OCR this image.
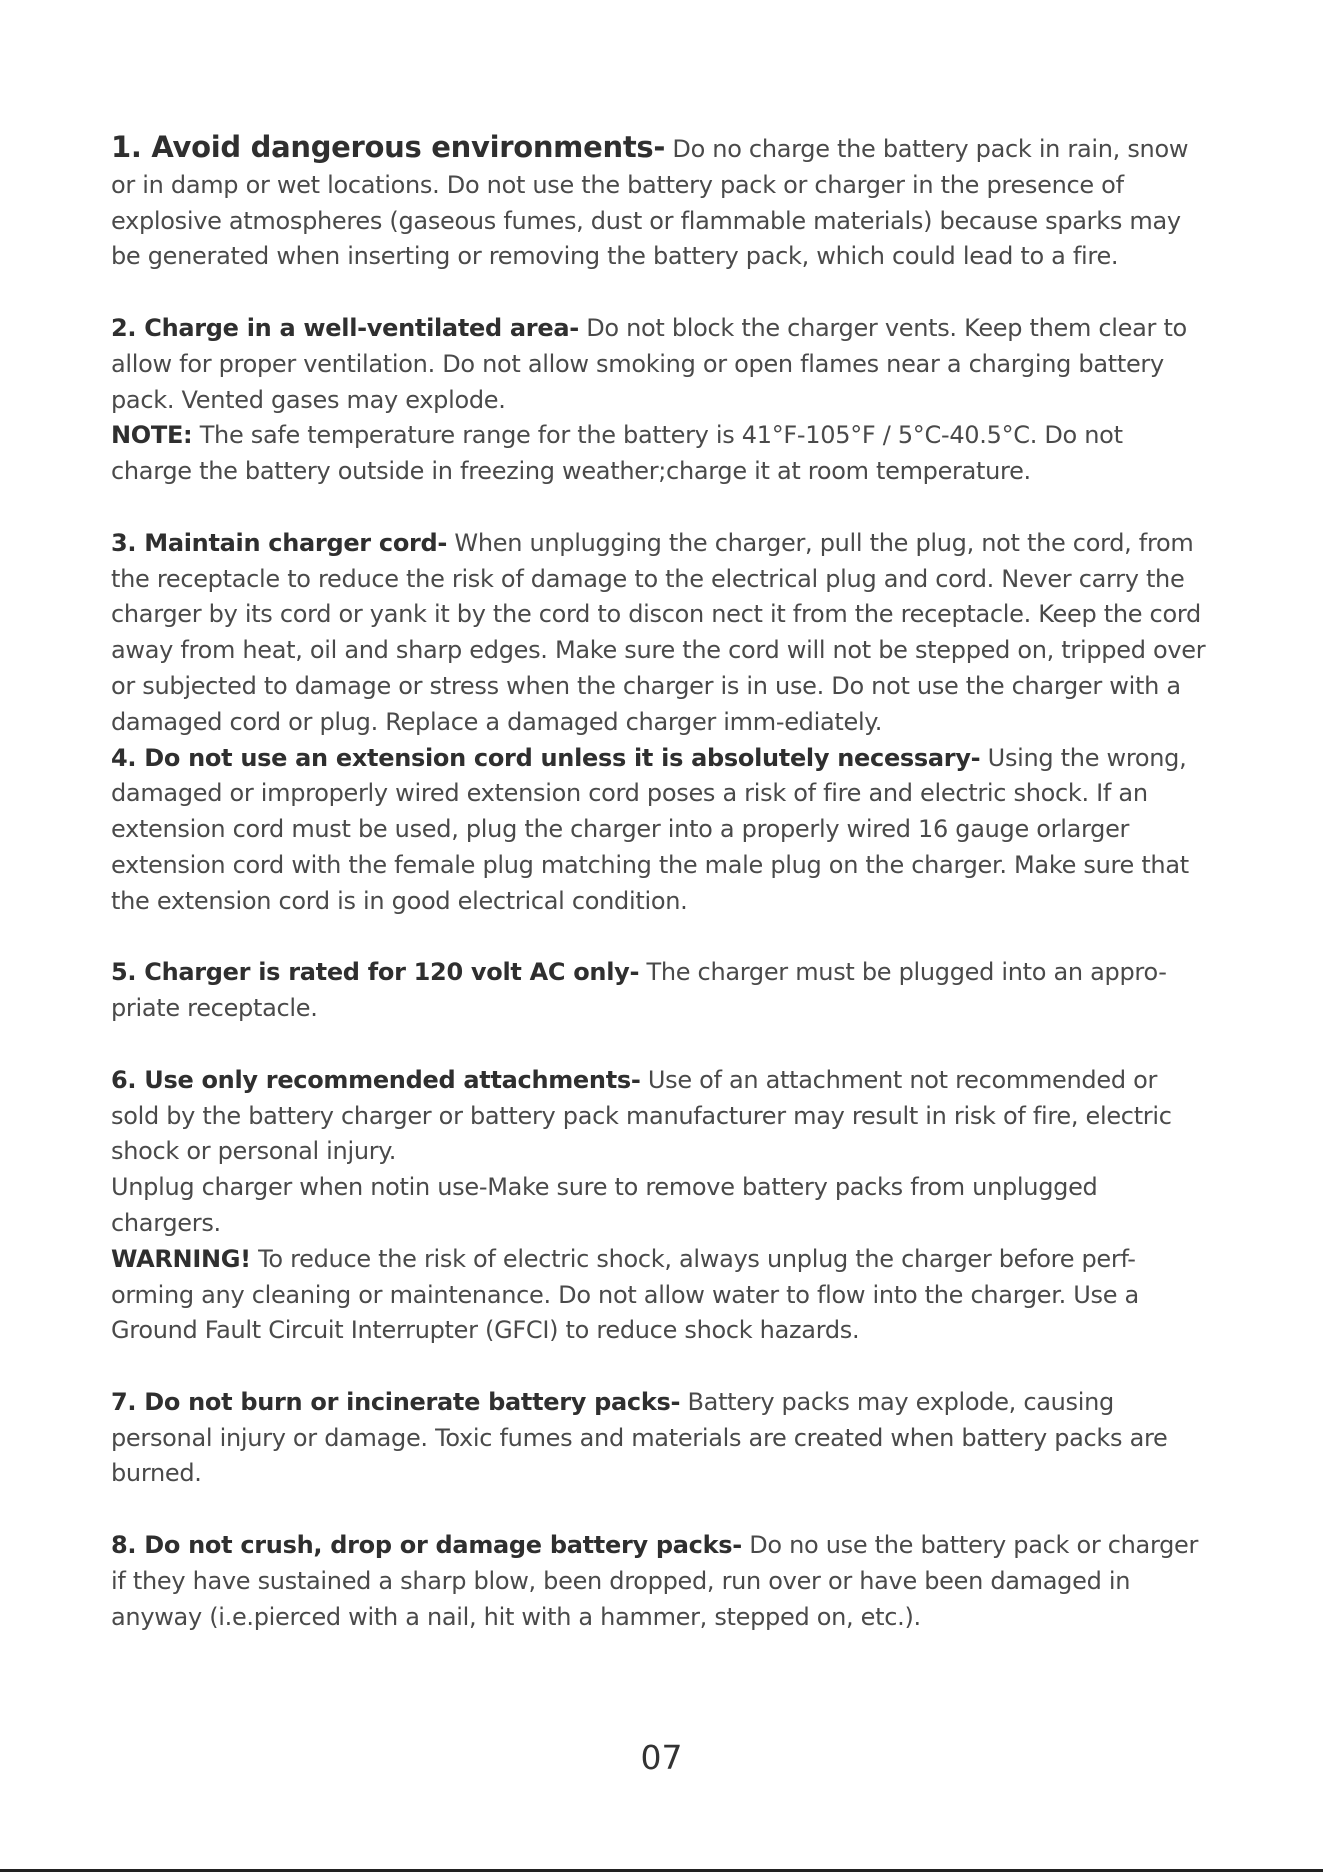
1. Avoid dangerous environments- Do no charge the battery pack in rain, snow or in damp or wet locations. Do not use the battery pack or charger in the presence of explosive atmospheres (gaseous fumes, dust or flammable materials) because sparks may be generated when inserting or removing the battery pack, which could lead to a fire.

2. Charge in a well-ventilated area- Do not block the charger vents. Keep them clear to allow for proper ventilation. Do not allow smoking or open flames near a charging battery pack. Vented gases may explode.

NOTE: The safe temperature range for the battery is 41°F-105°F / 5°C-40.5°C. Do not charge the battery outside in freezing weather;charge it at room temperature.

3. Maintain charger cord- When unplugging the charger, pull the plug, not the cord, from the receptacle to reduce the risk of damage to the electrical plug and cord. Never carry the charger by its cord or yank it by the cord to discon nect it from the receptacle. Keep the cord away from heat, oil and sharp edges. Make sure the cord will not be stepped on, tripped over or subjected to damage or stress when the charger is in use. Do not use the charger with a damaged cord or plug. Replace a damaged charger imm-ediately.

4. Do not use an extension cord unless it is absolutely necessary- Using the wrong, damaged or improperly wired extension cord poses a risk of fire and electric shock. If an extension cord must be used, plug the charger into a properly wired 16 gauge orlarger extension cord with the female plug matching the male plug on the charger. Make sure that the extension cord is in good electrical condition.

5. Charger is rated for 120 volt AC only- The charger must be plugged into an appro-priate receptacle.

6. Use only recommended attachments- Use of an attachment not recommended or sold by the battery charger or battery pack manufacturer may result in risk of fire, electric shock or personal injury.

Unplug charger when notin use-Make sure to remove battery packs from unplugged chargers.

WARNING! To reduce the risk of electric shock, always unplug the charger before perf-orming any cleaning or maintenance. Do not allow water to flow into the charger. Use a Ground Fault Circuit Interrupter (GFCI) to reduce shock hazards.

7. Do not burn or incinerate battery packs- Battery packs may explode, causing personal injury or damage. Toxic fumes and materials are created when battery packs are burned.

8. Do not crush, drop or damage battery packs- Do no use the battery pack or charger if they have sustained a sharp blow, been dropped, run over or have been damaged in anyway (i.e.pierced with a nail, hit with a hammer, stepped on, etc.).

07
